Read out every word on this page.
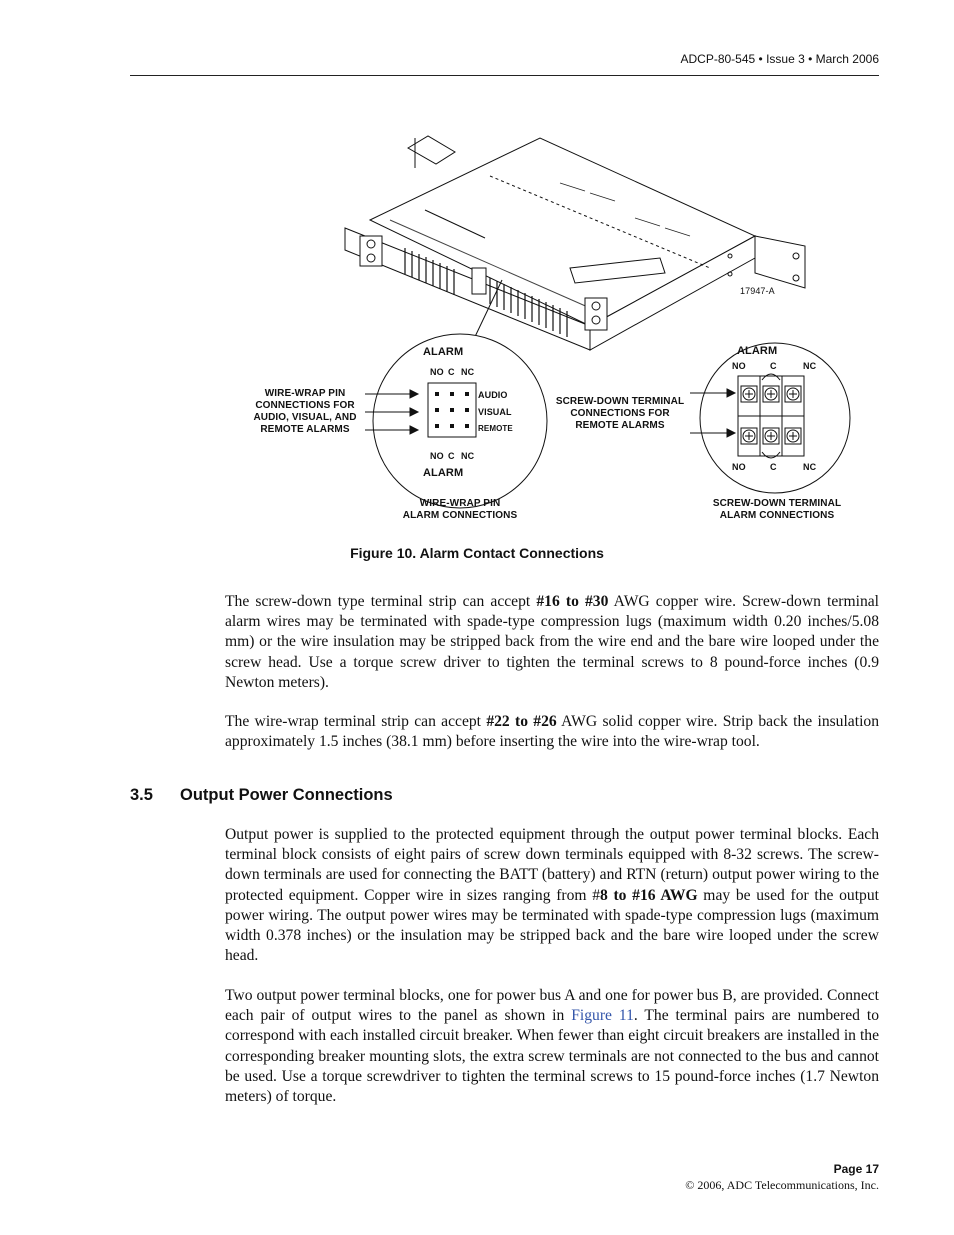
ADCP-80-545 • Issue 3 • March 2006
17947-A
ALARM
NO C NC
AUDIO
VISUAL
REMOTE
NO C NC
ALARM
ALARM
NO	C	NC
NO	C	NC
WIRE-WRAP PIN
CONNECTIONS FOR
AUDIO, VISUAL, AND
REMOTE ALARMS
SCREW-DOWN TERMINAL
CONNECTIONS FOR
REMOTE ALARMS
WIRE-WRAP PIN
ALARM CONNECTIONS
SCREW-DOWN TERMINAL
ALARM CONNECTIONS
Figure 10. Alarm Contact Connections
The screw-down type terminal strip can accept #16 to #30 AWG copper wire. Screw-down terminal alarm wires may be terminated with spade-type compression lugs (maximum width 0.20 inches/5.08 mm) or the wire insulation may be stripped back from the wire end and the bare wire looped under the screw head. Use a torque screw driver to tighten the terminal screws to 8 pound-force inches (0.9 Newton meters).
The wire-wrap terminal strip can accept #22 to #26 AWG solid copper wire. Strip back the insulation approximately 1.5 inches (38.1 mm) before inserting the wire into the wire-wrap tool.
3.5 Output Power Connections
Output power is supplied to the protected equipment through the output power terminal blocks. Each terminal block consists of eight pairs of screw down terminals equipped with 8-32 screws. The screw-down terminals are used for connecting the BATT (battery) and RTN (return) output power wiring to the protected equipment. Copper wire in sizes ranging from #8 to #16 AWG may be used for the output power wiring. The output power wires may be terminated with spade-type compression lugs (maximum width 0.378 inches) or the insulation may be stripped back and the bare wire looped under the screw head.
Two output power terminal blocks, one for power bus A and one for power bus B, are provided. Connect each pair of output wires to the panel as shown in Figure 11. The terminal pairs are numbered to correspond with each installed circuit breaker. When fewer than eight circuit breakers are installed in the corresponding breaker mounting slots, the extra screw terminals are not connected to the bus and cannot be used. Use a torque screwdriver to tighten the terminal screws to 15 pound-force inches (1.7 Newton meters) of torque.
Page 17
© 2006, ADC Telecommunications, Inc.
